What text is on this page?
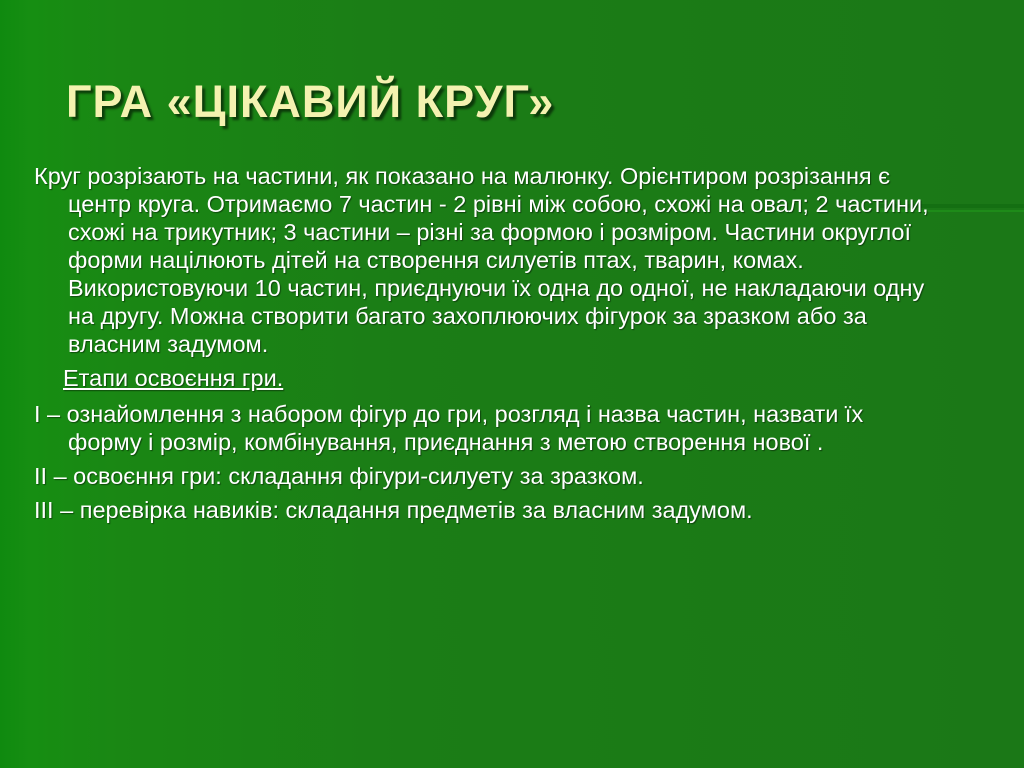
ГРА «ЦІКАВИЙ КРУГ»

Круг розрізають на частини, як показано на малюнку. Орієнтиром розрізання є центр круга. Отримаємо 7 частин - 2 рівні між собою, схожі на овал; 2 частини, схожі на трикутник; 3 частини – різні за формою і розміром. Частини округлої форми націлюють дітей на створення силуетів птах, тварин, комах. Використовуючи 10 частин, приєднуючи їх одна до одної, не накладаючи одну на другу. Можна створити багато захоплюючих фігурок за зразком або за власним задумом.

Етапи освоєння гри.

І – ознайомлення з набором фігур до гри, розгляд і назва частин, назвати їх форму і розмір, комбінування, приєднання з метою створення нової .

ІІ – освоєння гри: складання фігури-силуету за зразком.

ІІІ – перевірка навиків: складання предметів за власним задумом.
